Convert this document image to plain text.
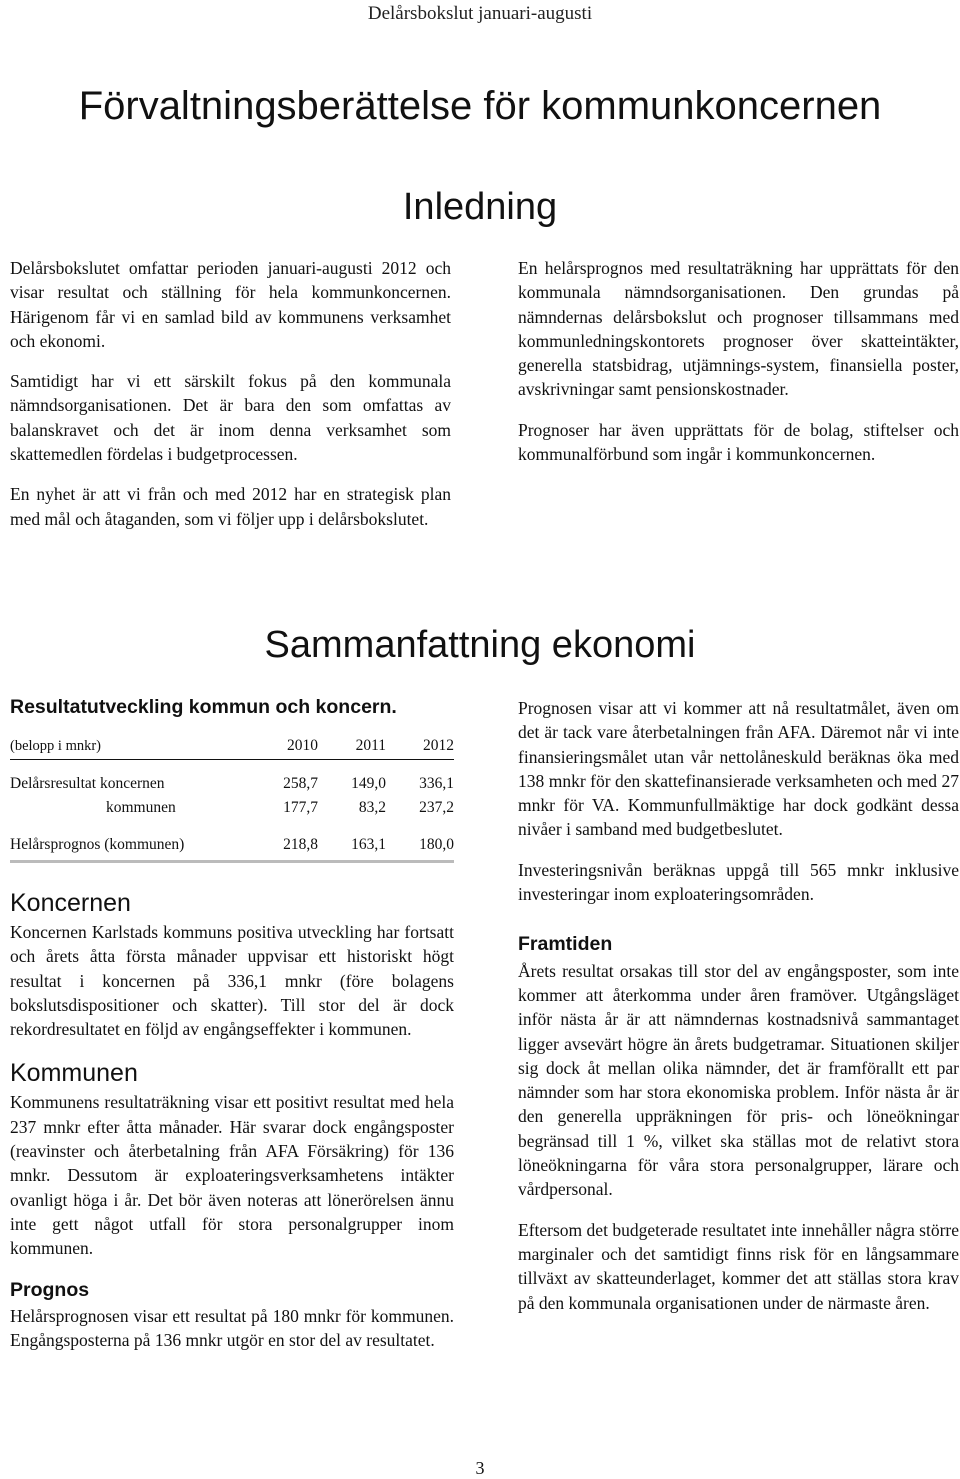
Delårsbokslut januari-augusti
Förvaltningsberättelse för kommunkoncernen
Inledning

Delårsbokslutet omfattar perioden januari-augusti 2012 och visar resultat och ställning för hela kommunkoncernen. Härigenom får vi en samlad bild av kommunens verksamhet och ekonomi.

Samtidigt har vi ett särskilt fokus på den kommunala nämndsorganisationen. Det är bara den som omfattas av balanskravet och det är inom denna verksamhet som skattemedlen fördelas i budgetprocessen.

En nyhet är att vi från och med 2012 har en strategisk plan med mål och åtaganden, som vi följer upp i delårsbokslutet.

En helårsprognos med resultaträkning har upprättats för den kommunala nämndsorganisationen. Den grundas på nämndernas delårsbokslut och prognoser tillsammans med kommunledningskontorets prognoser över skatteintäkter, generella statsbidrag, utjämnings-system, finansiella poster, avskrivningar samt pensionskostnader.

Prognoser har även upprättats för de bolag, stiftelser och kommunalförbund som ingår i kommunkoncernen.

Sammanfattning ekonomi
Resultatutveckling kommun och koncern.
(belopp i mnkr)	2010	2011	2012

Delårsresultat koncernen	258,7	149,0	336,1
kommunen	177,7	83,2	237,2

Helårsprognos (kommunen)	218,8	163,1	180,0
Koncernen
Koncernen Karlstads kommuns positiva utveckling har fortsatt och årets åtta första månader uppvisar ett historiskt högt resultat i koncernen på 336,1 mnkr (före bolagens bokslutsdispositioner och skatter). Till stor del är dock rekordresultatet en följd av engångseffekter i kommunen.
Kommunen
Kommunens resultaträkning visar ett positivt resultat med hela 237 mnkr efter åtta månader. Här svarar dock engångsposter (reavinster och återbetalning från AFA Försäkring) för 136 mnkr. Dessutom är exploateringsverksamhetens intäkter ovanligt höga i år. Det bör även noteras att lönerörelsen ännu inte gett något utfall för stora personalgrupper inom kommunen.
Prognos
Helårsprognosen visar ett resultat på 180 mnkr för kommunen. Engångsposterna på 136 mnkr utgör en stor del av resultatet.

Prognosen visar att vi kommer att nå resultatmålet, även om det är tack vare återbetalningen från AFA. Däremot når vi inte finansieringsmålet utan vår nettolåneskuld beräknas öka med 138 mnkr för den skattefinansierade verksamheten och med 27 mnkr för VA. Kommunfullmäktige har dock godkänt dessa nivåer i samband med budgetbeslutet.

Investeringsnivån beräknas uppgå till 565 mnkr inklusive investeringar inom exploateringsområden.

Framtiden

Årets resultat orsakas till stor del av engångsposter, som inte kommer att återkomma under åren framöver. Utgångsläget inför nästa år är att nämndernas kostnadsnivå sammantaget ligger avsevärt högre än årets budgetramar. Situationen skiljer sig dock åt mellan olika nämnder, det är framförallt ett par nämnder som har stora ekonomiska problem. Inför nästa år är den generella uppräkningen för pris- och löneökningar begränsad till 1 %, vilket ska ställas mot de relativt stora löneökningarna för våra stora personalgrupper, lärare och vårdpersonal.

Eftersom det budgeterade resultatet inte innehåller några större marginaler och det samtidigt finns risk för en långsammare tillväxt av skatteunderlaget, kommer det att ställas stora krav på den kommunala organisationen under de närmaste åren.

3
